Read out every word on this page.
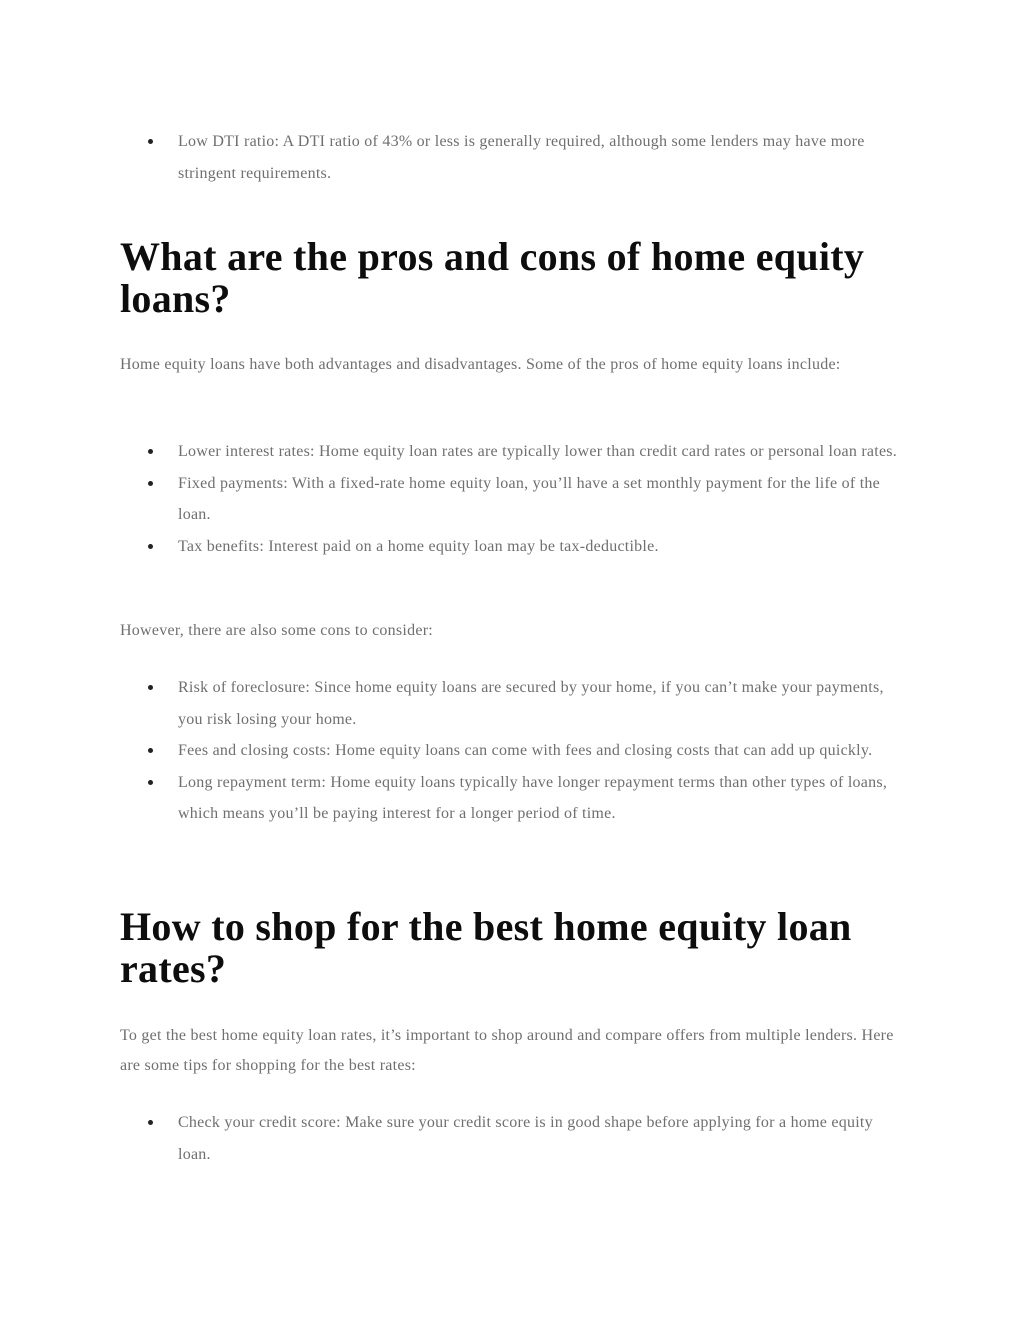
Low DTI ratio: A DTI ratio of 43% or less is generally required, although some lenders may have more stringent requirements.
What are the pros and cons of home equity loans?

Home equity loans have both advantages and disadvantages. Some of the pros of home equity loans include:

Lower interest rates: Home equity loan rates are typically lower than credit card rates or personal loan rates.
Fixed payments: With a fixed-rate home equity loan, you’ll have a set monthly payment for the life of the loan.
Tax benefits: Interest paid on a home equity loan may be tax-deductible.

However, there are also some cons to consider:

Risk of foreclosure: Since home equity loans are secured by your home, if you can’t make your payments, you risk losing your home.
Fees and closing costs: Home equity loans can come with fees and closing costs that can add up quickly.
Long repayment term: Home equity loans typically have longer repayment terms than other types of loans, which means you’ll be paying interest for a longer period of time.
How to shop for the best home equity loan rates?

To get the best home equity loan rates, it’s important to shop around and compare offers from multiple lenders. Here are some tips for shopping for the best rates:

Check your credit score: Make sure your credit score is in good shape before applying for a home equity loan.
